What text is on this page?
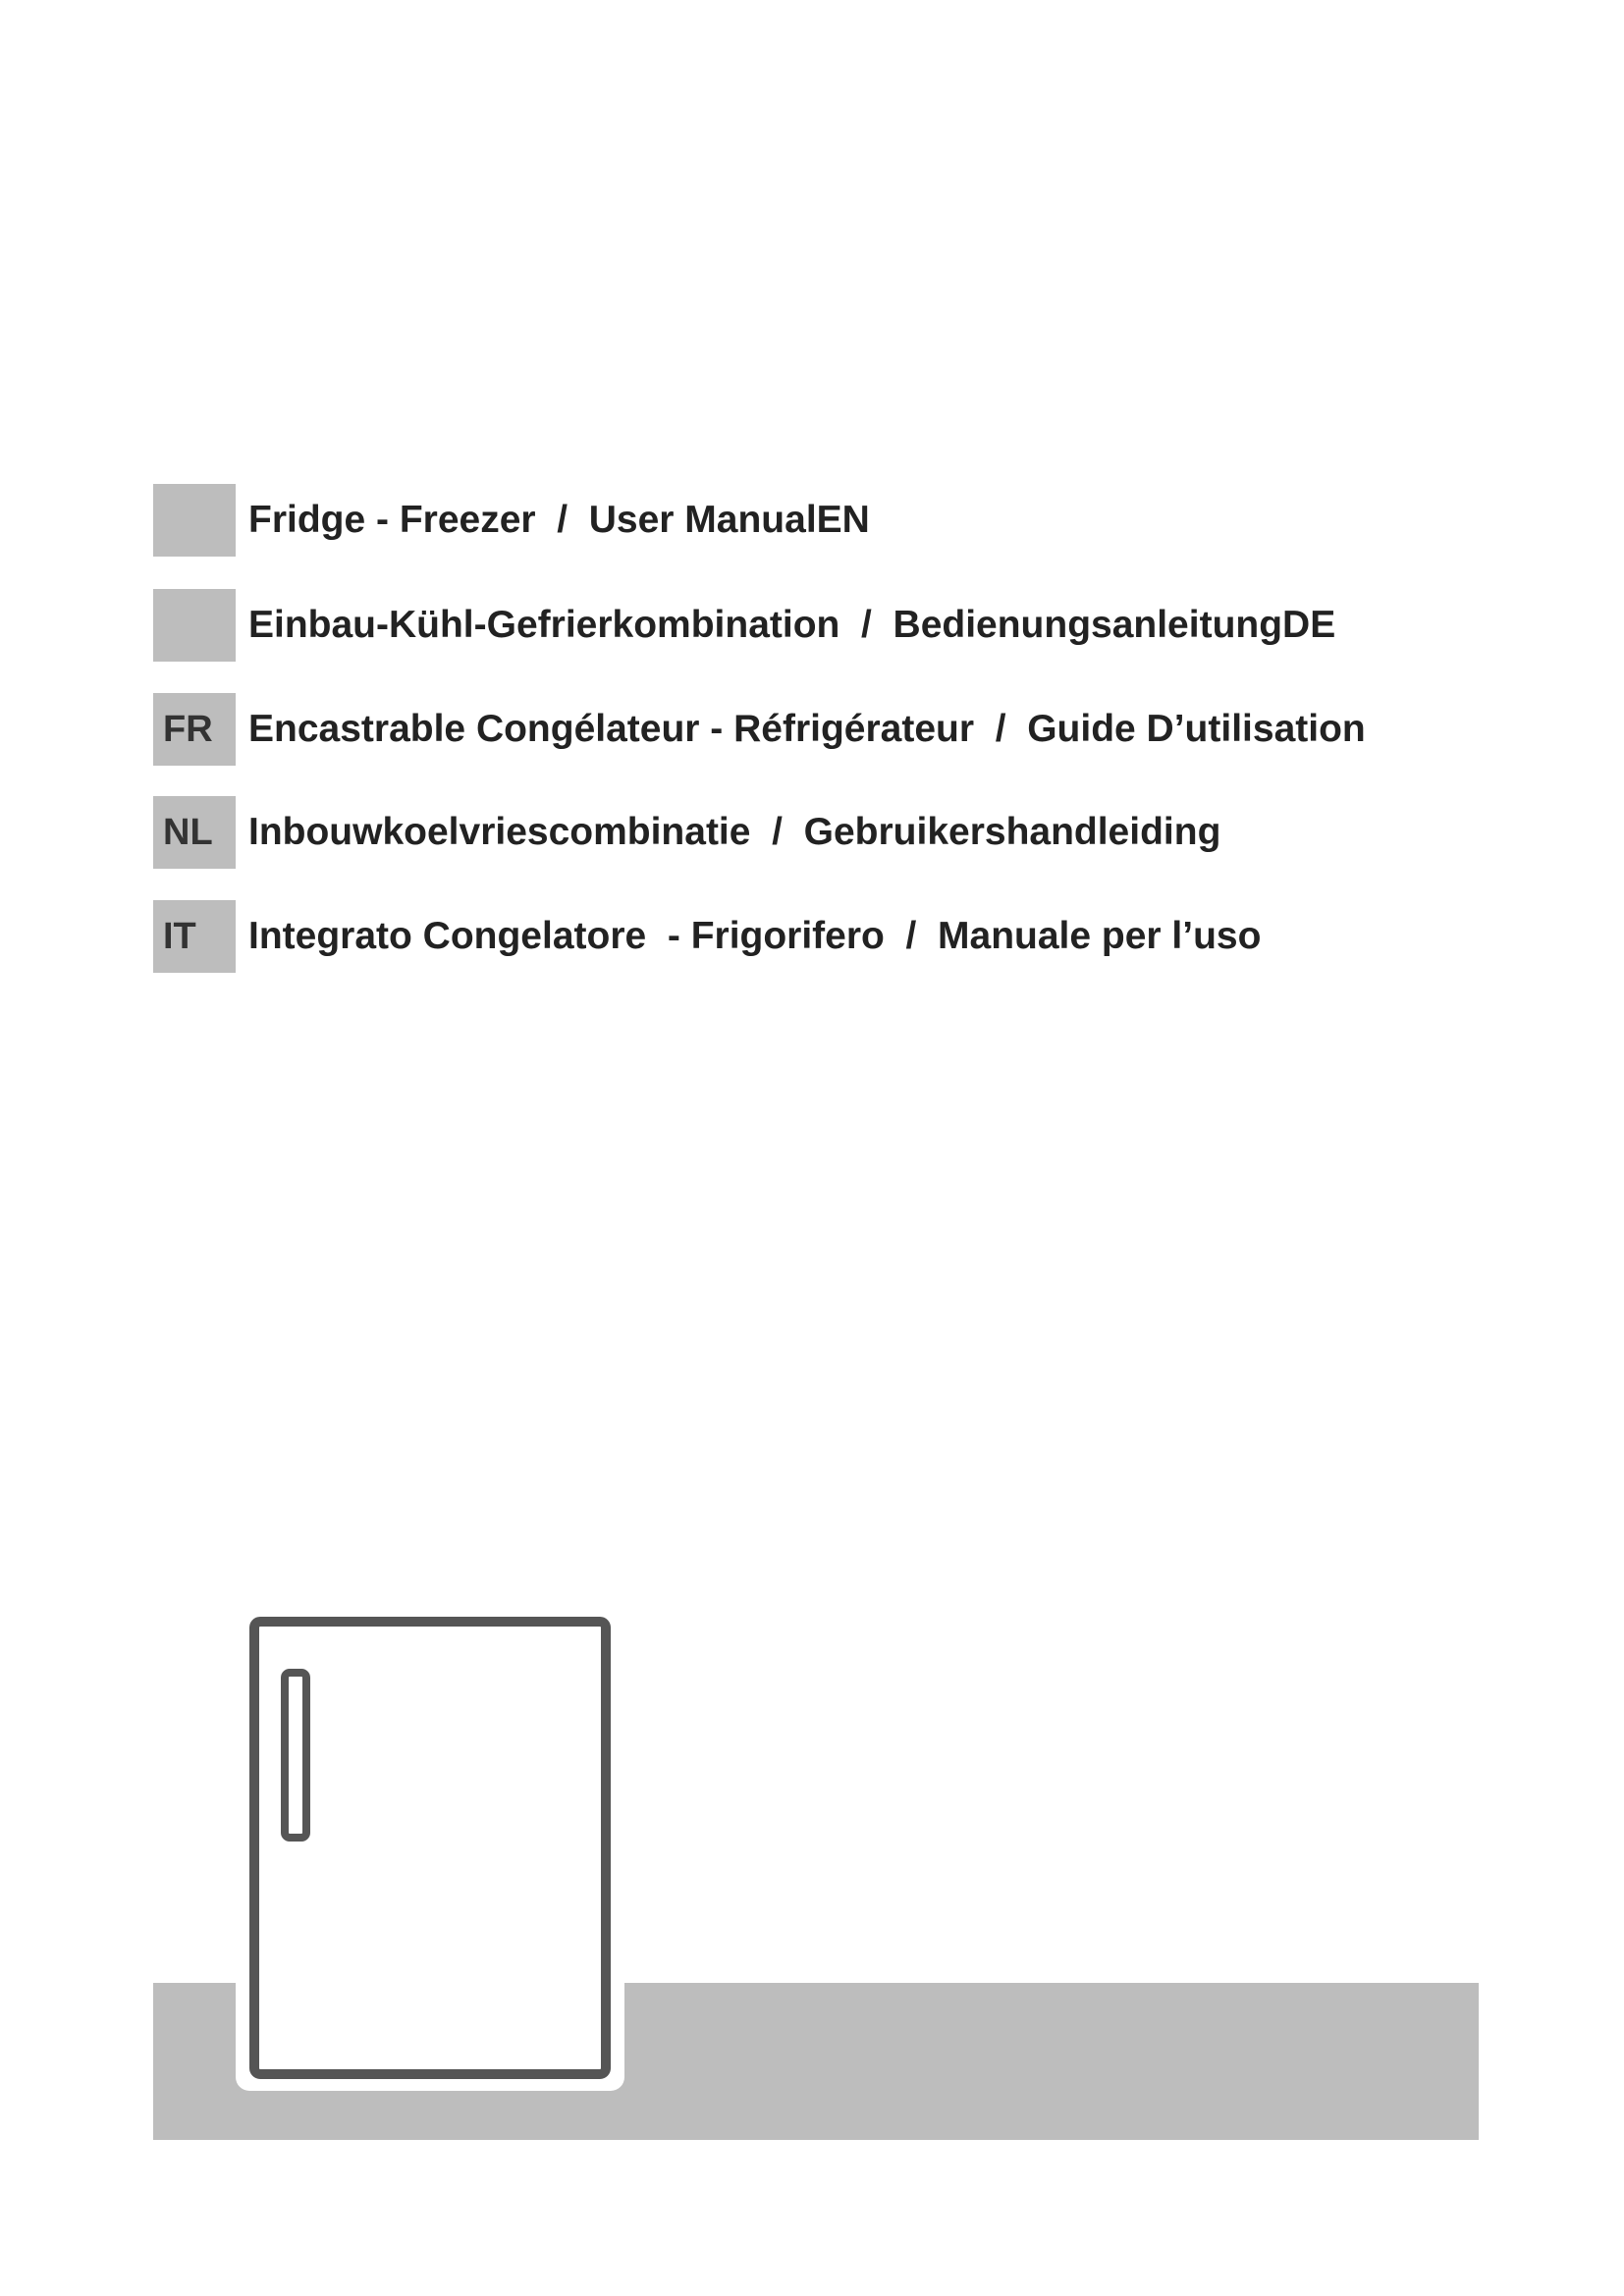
Fridge - Freezer  /  User ManualEN
Einbau-Kühl-Gefrierkombination  /  BedienungsanleitungDE
FR Encastrable Congélateur - Réfrigérateur  /  Guide D’utilisation
NL Inbouwkoelvriescombinatie  /  Gebruikershandleiding
IT	Integrato Congelatore  - Frigorifero  /  Manuale per l’uso
